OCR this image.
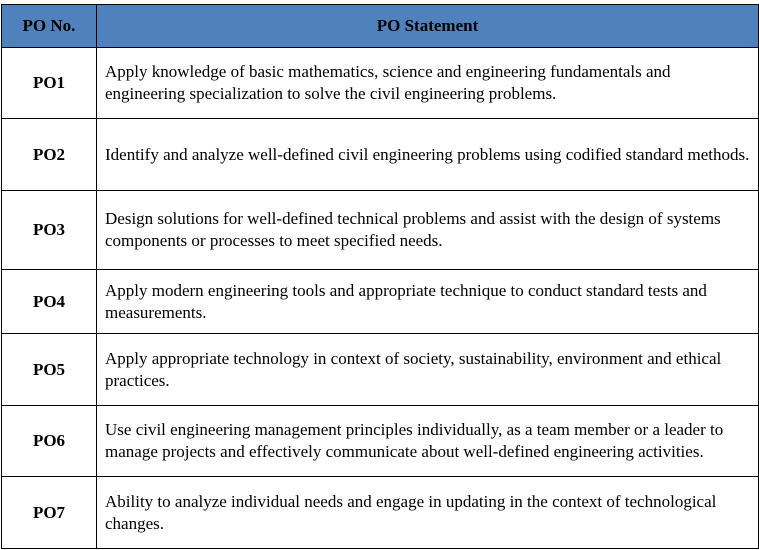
PO No.	PO Statement
PO1	Apply knowledge of basic mathematics, science and engineering fundamentals and engineering specialization to solve the civil engineering problems.
PO2	Identify and analyze well-defined civil engineering problems using codified standard methods.
PO3	Design solutions for well-defined technical problems and assist with the design of systems components or processes to meet specified needs.
PO4	Apply modern engineering tools and appropriate technique to conduct standard tests and measurements.
PO5	Apply appropriate technology in context of society, sustainability, environment and ethical practices.
PO6	Use civil engineering management principles individually, as a team member or a leader to manage projects and effectively communicate about well-defined engineering activities.
PO7	Ability to analyze individual needs and engage in updating in the context of technological changes.
